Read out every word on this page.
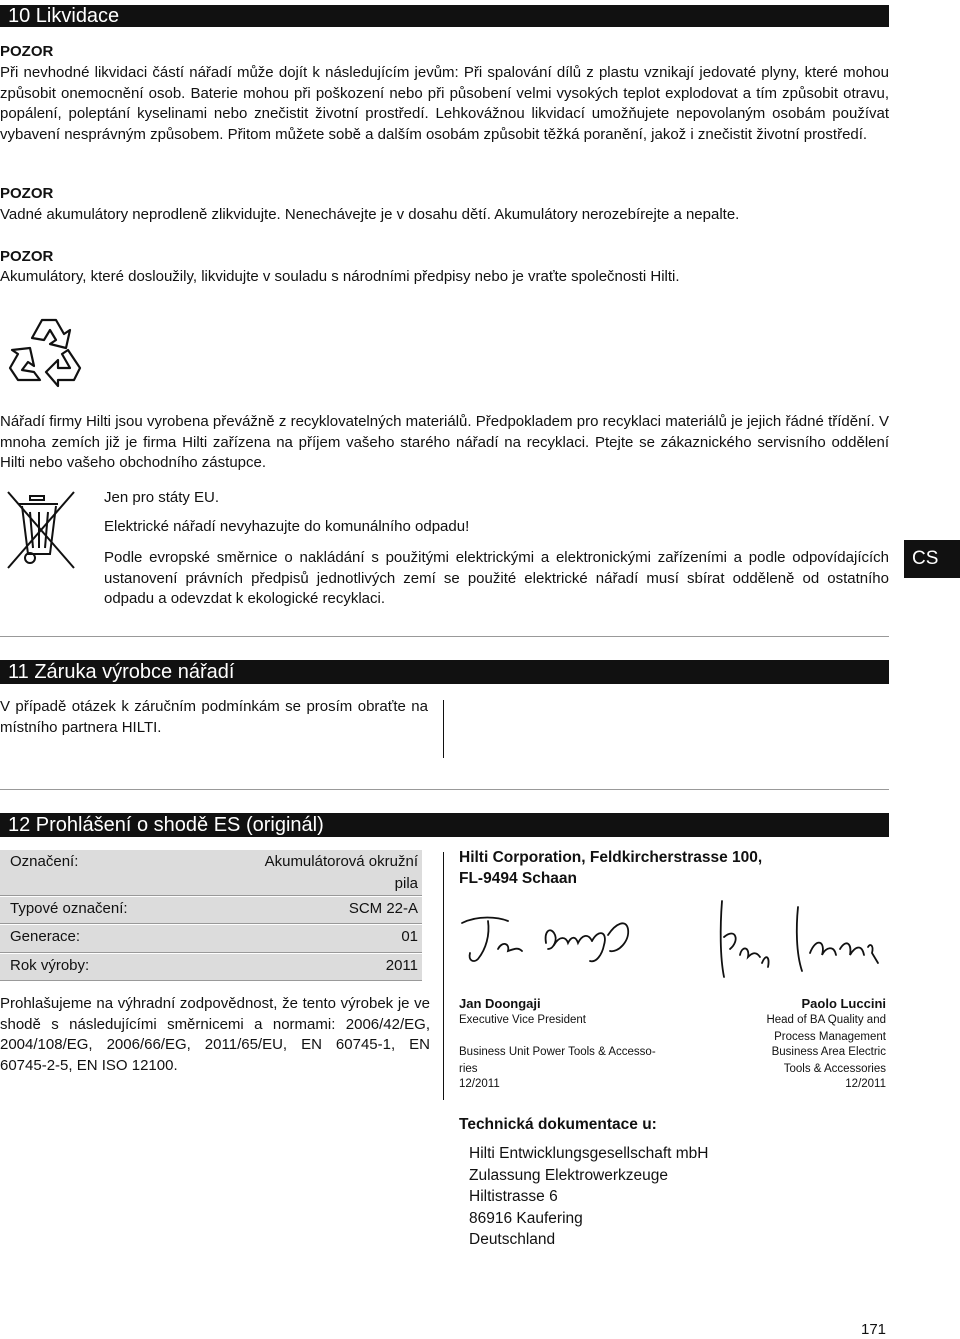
10 Likvidace
POZOR
Při nevhodné likvidaci částí nářadí může dojít k následujícím jevům: Při spalování dílů z plastu vznikají jedovaté plyny, které mohou způsobit onemocnění osob. Baterie mohou při poškození nebo při působení velmi vysokých teplot explodovat a tím způsobit otravu, popálení, poleptání kyselinami nebo znečistit životní prostředí. Lehkovážnou likvidací umožňujete nepovolaným osobám používat vybavení nesprávným způsobem. Přitom můžete sobě a dalším osobám způsobit těžká poranění, jakož i znečistit životní prostředí.
POZOR
Vadné akumulátory neprodleně zlikvidujte. Nenechávejte je v dosahu dětí. Akumulátory nerozebírejte a nepalte.
POZOR
Akumulátory, které dosloužily, likvidujte v souladu s národními předpisy nebo je vraťte společnosti Hilti.
Nářadí firmy Hilti jsou vyrobena převážně z recyklovatelných materiálů. Předpokladem pro recyklaci materiálů je jejich řádné třídění. V mnoha zemích již je firma Hilti zařízena na příjem vašeho starého nářadí na recyklaci. Ptejte se zákaznického servisního oddělení Hilti nebo vašeho obchodního zástupce.
Jen pro státy EU.
Elektrické nářadí nevyhazujte do komunálního odpadu!
Podle evropské směrnice o nakládání s použitými elektrickými a elektronickými zařízeními a podle odpovídajících ustanovení právních předpisů jednotlivých zemí se použité elektrické nářadí musí sbírat odděleně od ostatního odpadu a odevzdat k ekologické recyklaci.
CS
11 Záruka výrobce nářadí
V případě otázek k záručním podmínkám se prosím obraťte na místního partnera HILTI.
12 Prohlášení o shodě ES (originál)
Označení:	Akumulátorová okružní
pila
Typové označení:	SCM 22-A
Generace:	01
Rok výroby:	2011
Prohlašujeme na výhradní zodpovědnost, že tento výrobek je ve shodě s následujícími směrnicemi a normami: 2006/42/EG, 2004/108/EG, 2006/66/EG, 2011/65/EU, EN 60745-1, EN 60745-2-5, EN ISO 12100.
Hilti Corporation, Feldkircherstrasse 100,
FL-9494 Schaan
Jan Doongaji
Executive Vice President
Business Unit Power Tools & Accesso-
ries
12/2011
Paolo Luccini
Head of BA Quality and
Process Management
Business Area Electric
Tools & Accessories
12/2011
Technická dokumentace u:
Hilti Entwicklungsgesellschaft mbH
Zulassung Elektrowerkzeuge
Hiltistrasse 6
86916 Kaufering
Deutschland
171
